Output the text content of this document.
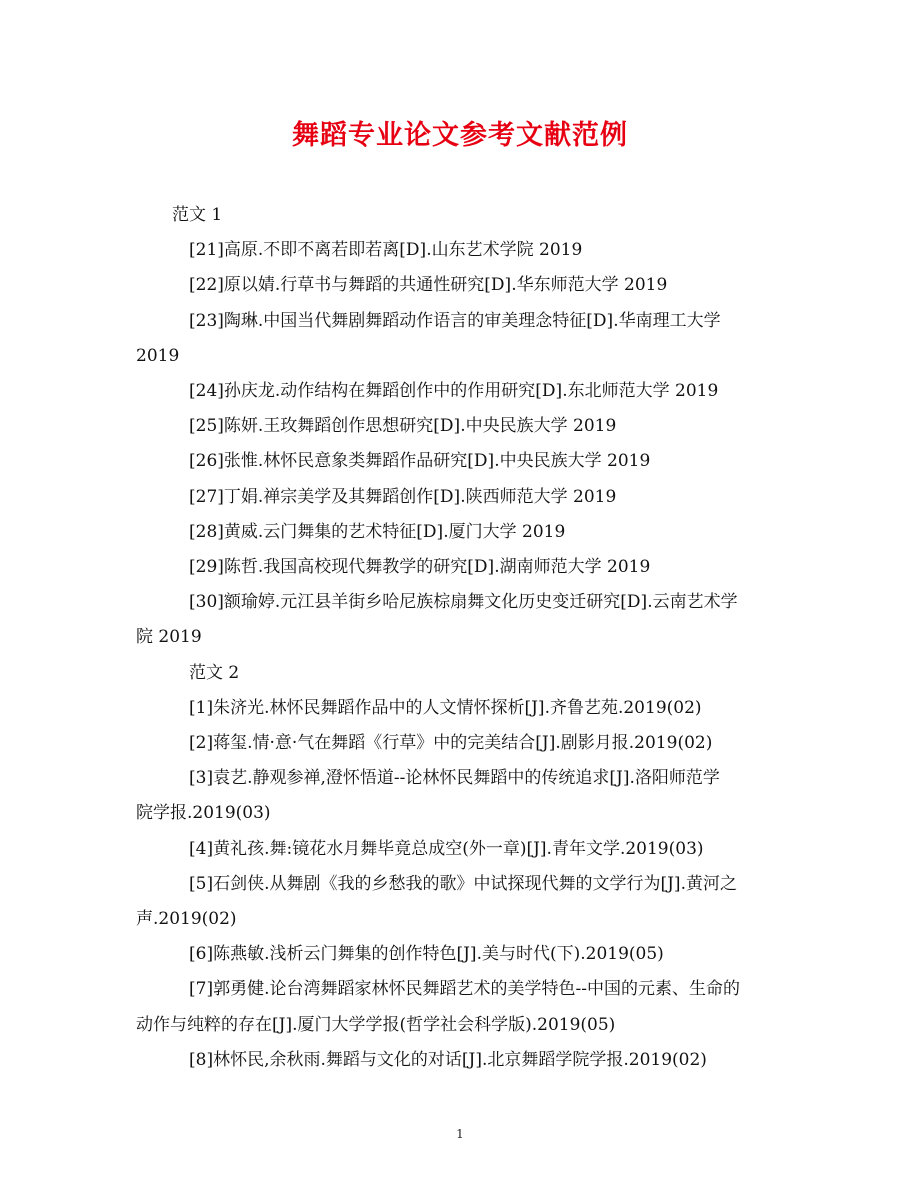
舞蹈专业论文参考文献范例

范文 1

[21]高原.不即不离若即若离[D].山东艺术学院 2019

[22]原以婧.行草书与舞蹈的共通性研究[D].华东师范大学 2019

[23]陶琳.中国当代舞剧舞蹈动作语言的审美理念特征[D].华南理工大学

2019

[24]孙庆龙.动作结构在舞蹈创作中的作用研究[D].东北师范大学 2019

[25]陈妍.王玫舞蹈创作思想研究[D].中央民族大学 2019

[26]张惟.林怀民意象类舞蹈作品研究[D].中央民族大学 2019

[27]丁娟.禅宗美学及其舞蹈创作[D].陕西师范大学 2019

[28]黄威.云门舞集的艺术特征[D].厦门大学 2019

[29]陈哲.我国高校现代舞教学的研究[D].湖南师范大学 2019

[30]额瑜婷.元江县羊街乡哈尼族棕扇舞文化历史变迁研究[D].云南艺术学

院 2019

范文 2

[1]朱济光.林怀民舞蹈作品中的人文情怀探析[J].齐鲁艺苑.2019(02)

[2]蒋玺.情·意·气在舞蹈《行草》中的完美结合[J].剧影月报.2019(02)

[3]袁艺.静观参禅,澄怀悟道--论林怀民舞蹈中的传统追求[J].洛阳师范学

院学报.2019(03)

[4]黄礼孩.舞:镜花水月舞毕竟总成空(外一章)[J].青年文学.2019(03)

[5]石剑侠.从舞剧《我的乡愁我的歌》中试探现代舞的文学行为[J].黄河之

声.2019(02)

[6]陈燕敏.浅析云门舞集的创作特色[J].美与时代(下).2019(05)

[7]郭勇健.论台湾舞蹈家林怀民舞蹈艺术的美学特色--中国的元素、生命的

动作与纯粹的存在[J].厦门大学学报(哲学社会科学版).2019(05)

[8]林怀民,余秋雨.舞蹈与文化的对话[J].北京舞蹈学院学报.2019(02)

1
